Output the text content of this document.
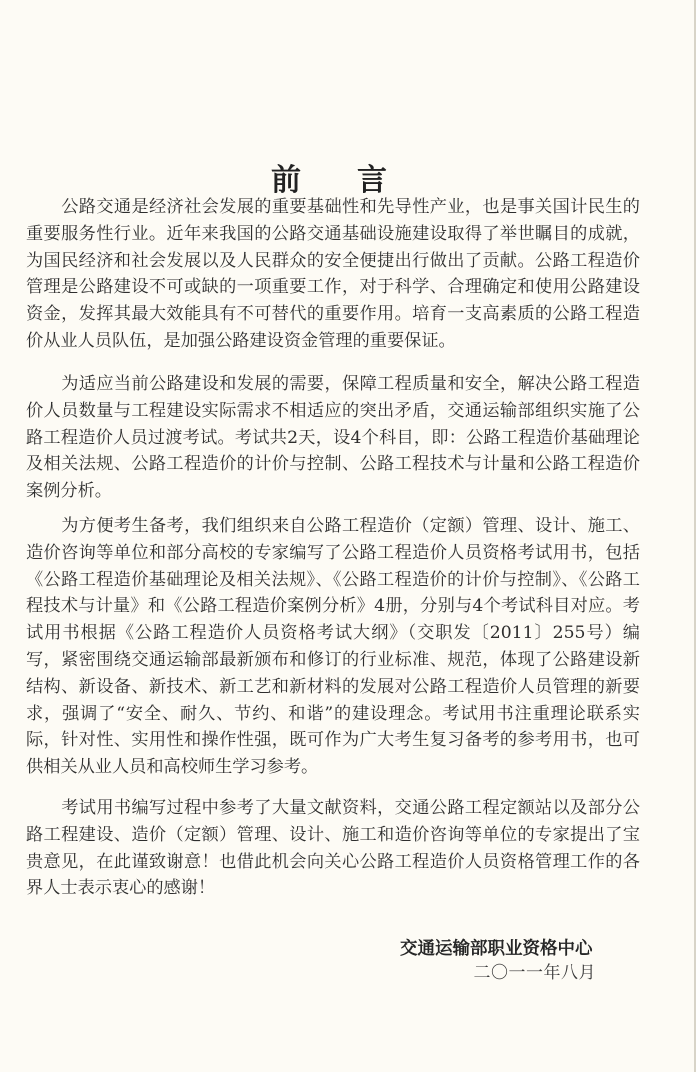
前 言

公路交通是经济社会发展的重要基础性和先导性产业，也是事关国计民生的重要服务性行业。近年来我国的公路交通基础设施建设取得了举世瞩目的成就，为国民经济和社会发展以及人民群众的安全便捷出行做出了贡献。公路工程造价管理是公路建设不可或缺的一项重要工作，对于科学、合理确定和使用公路建设资金，发挥其最大效能具有不可替代的重要作用。培育一支高素质的公路工程造价从业人员队伍，是加强公路建设资金管理的重要保证。

为适应当前公路建设和发展的需要，保障工程质量和安全，解决公路工程造价人员数量与工程建设实际需求不相适应的突出矛盾，交通运输部组织实施了公路工程造价人员过渡考试。考试共2天，设4个科目，即：公路工程造价基础理论及相关法规、公路工程造价的计价与控制、公路工程技术与计量和公路工程造价案例分析。

为方便考生备考，我们组织来自公路工程造价（定额）管理、设计、施工、造价咨询等单位和部分高校的专家编写了公路工程造价人员资格考试用书，包括《公路工程造价基础理论及相关法规》、《公路工程造价的计价与控制》、《公路工程技术与计量》和《公路工程造价案例分析》4册，分别与4个考试科目对应。考试用书根据《公路工程造价人员资格考试大纲》（交职发〔2011〕255号）编写，紧密围绕交通运输部最新颁布和修订的行业标准、规范，体现了公路建设新结构、新设备、新技术、新工艺和新材料的发展对公路工程造价人员管理的新要求，强调了“安全、耐久、节约、和谐”的建设理念。考试用书注重理论联系实际，针对性、实用性和操作性强，既可作为广大考生复习备考的参考用书，也可供相关从业人员和高校师生学习参考。

考试用书编写过程中参考了大量文献资料，交通公路工程定额站以及部分公路工程建设、造价（定额）管理、设计、施工和造价咨询等单位的专家提出了宝贵意见，在此谨致谢意！也借此机会向关心公路工程造价人员资格管理工作的各界人士表示衷心的感谢！

交通运输部职业资格中心
二〇一一年八月
